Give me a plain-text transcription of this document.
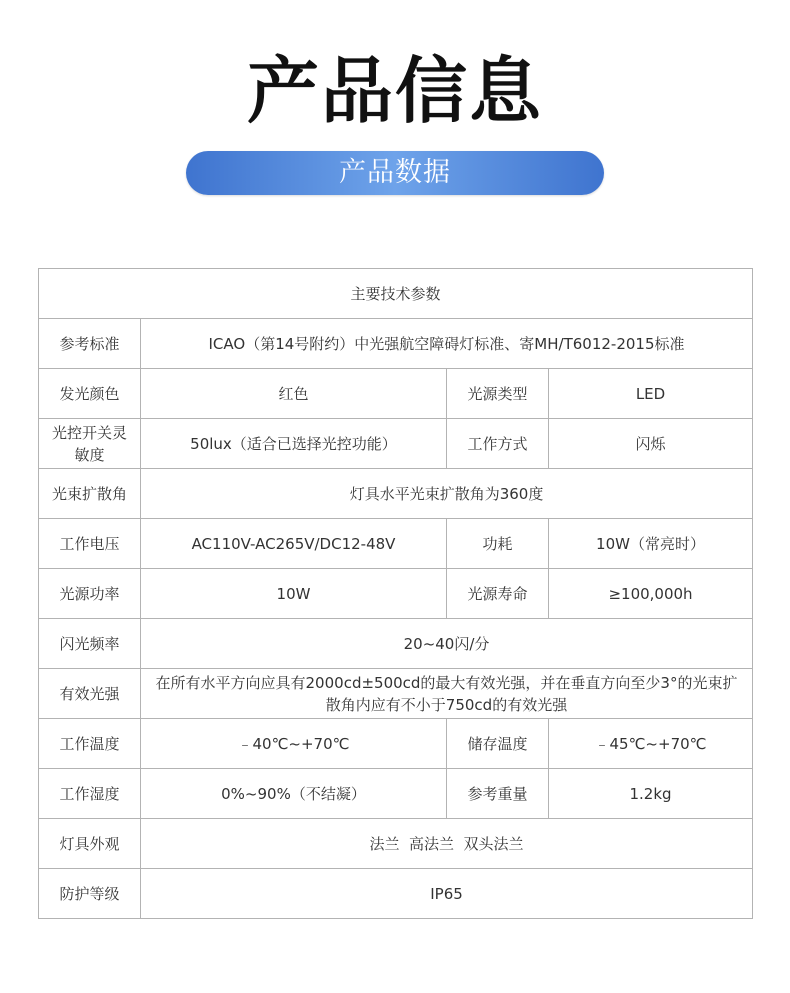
产品信息
产品数据
主要技术参数			
参考标准	ICAO（第14号附约）中光强航空障碍灯标准、寄MH/T6012-2015标准		
发光颜色	红色	光源类型	LED
光控开关灵敏度	50lux（适合已选择光控功能）	工作方式	闪烁
光束扩散角	灯具水平光束扩散角为360度		
工作电压	AC110V-AC265V/DC12-48V	功耗	10W（常亮时）
光源功率	10W	光源寿命	≥100,000h
闪光频率	20~40闪/分		
有效光强	在所有水平方向应具有2000cd±500cd的最大有效光强，并在垂直方向至少3°的光束扩散角内应有不小于750cd的有效光强		
工作温度	﹣40℃~+70℃	储存温度	﹣45℃~+70℃
工作湿度	0%~90%（不结凝）	参考重量	1.2kg
灯具外观	法兰  高法兰  双头法兰		
防护等级	IP65		
